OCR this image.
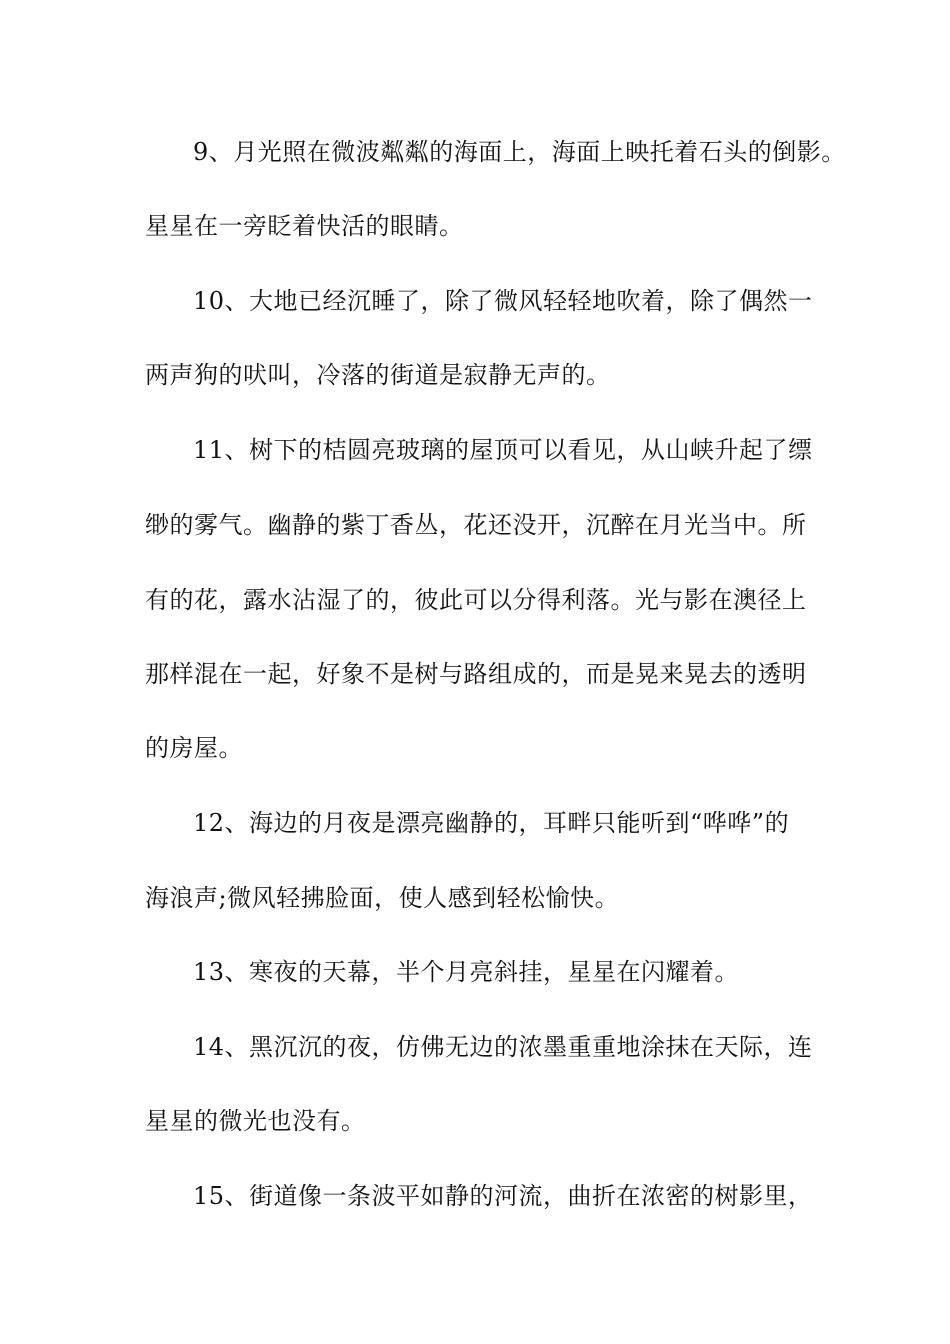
9、月光照在微波粼粼的海面上，海面上映托着石头的倒影。
星星在一旁眨着快活的眼睛。
10、大地已经沉睡了，除了微风轻轻地吹着，除了偶然一
两声狗的吠叫，冷落的街道是寂静无声的。
11、树下的桔圆亮玻璃的屋顶可以看见，从山峡升起了缥
缈的雾气。幽静的紫丁香丛，花还没开，沉醉在月光当中。所
有的花，露水沾湿了的，彼此可以分得利落。光与影在澳径上
那样混在一起，好象不是树与路组成的，而是晃来晃去的透明
的房屋。
12、海边的月夜是漂亮幽静的，耳畔只能听到“哗哗”的
海浪声;微风轻拂脸面，使人感到轻松愉快。
13、寒夜的天幕，半个月亮斜挂，星星在闪耀着。
14、黑沉沉的夜，仿佛无边的浓墨重重地涂抹在天际，连
星星的微光也没有。
15、街道像一条波平如静的河流，曲折在浓密的树影里，
